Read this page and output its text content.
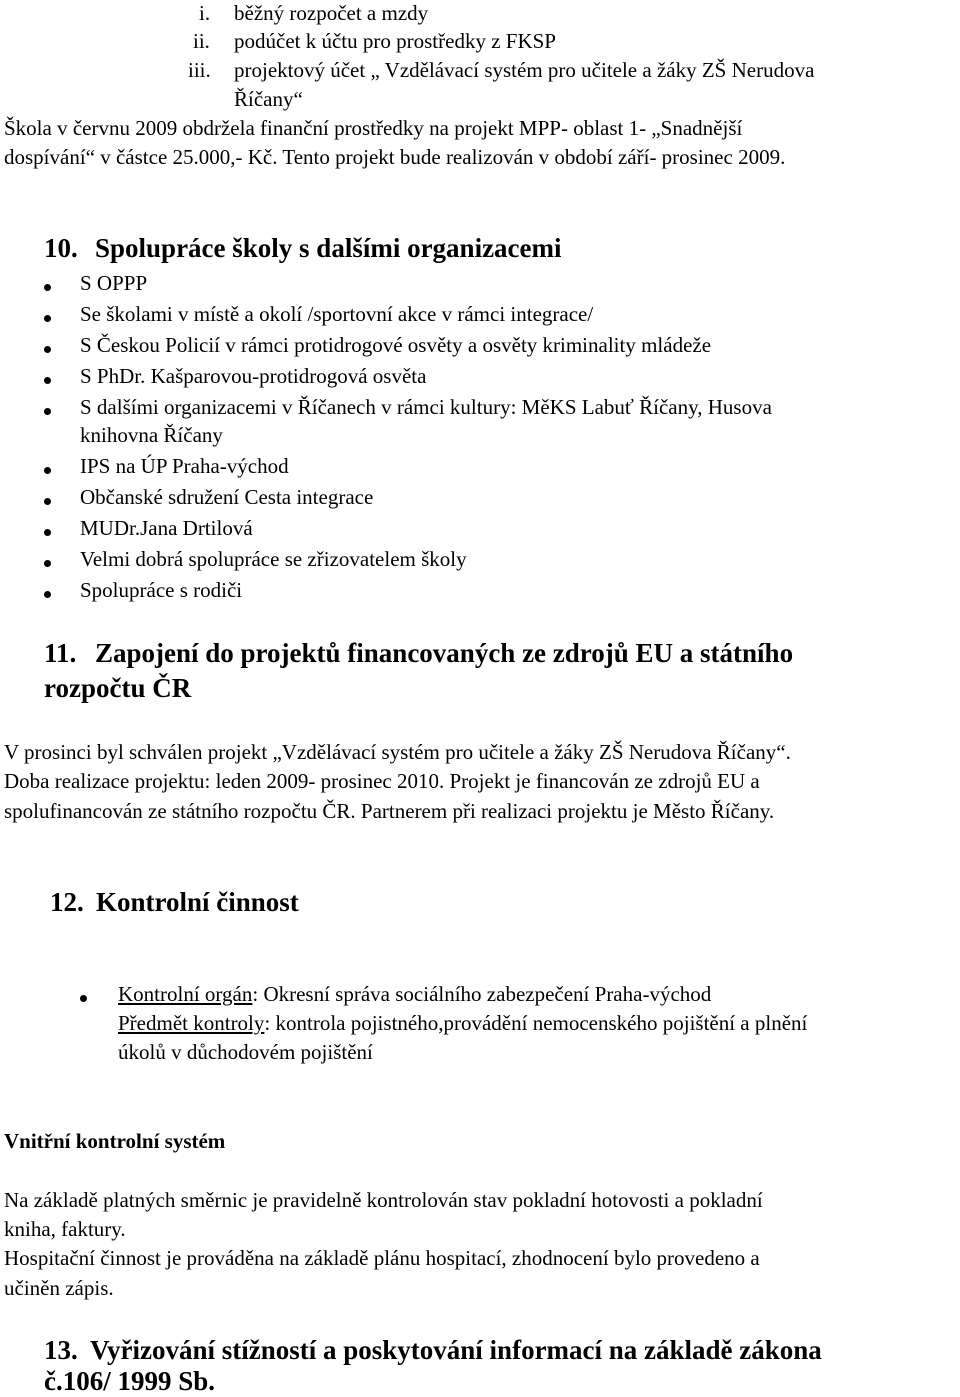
i. běžný rozpočet a mzdy
ii. podúčet k účtu pro prostředky z FKSP
iii. projektový účet „ Vzdělávací systém pro učitele a žáky ZŠ Nerudova
Říčany“
Škola v červnu 2009 obdržela finanční prostředky na projekt MPP- oblast 1- „Snadnější
dospívání“ v částce 25.000,- Kč. Tento projekt bude realizován v období září- prosinec 2009.
10. Spolupráce školy s dalšími organizacemi
S OPPP
Se školami v místě a okolí /sportovní akce v rámci integrace/
S Českou Policií v rámci protidrogové osvěty a osvěty kriminality mládeže
S PhDr. Kašparovou-protidrogová osvěta
S dalšími organizacemi v Říčanech v rámci kultury: MěKS Labuť Říčany, Husova
knihovna Říčany
IPS na ÚP Praha-východ
Občanské sdružení Cesta integrace
MUDr.Jana Drtilová
Velmi dobrá spolupráce se zřizovatelem školy
Spolupráce s rodiči
11. Zapojení do projektů financovaných ze zdrojů EU a státního
rozpočtu ČR
V prosinci byl schválen projekt „Vzdělávací systém pro učitele a žáky ZŠ Nerudova Říčany“.
Doba realizace projektu: leden 2009- prosinec 2010. Projekt je financován ze zdrojů EU a
spolufinancován ze státního rozpočtu ČR. Partnerem při realizaci projektu je Město Říčany.
12. Kontrolní činnost
Kontrolní orgán: Okresní správa sociálního zabezpečení Praha-východ
Předmět kontroly: kontrola pojistného,provádění nemocenského pojištění a plnění
úkolů v důchodovém pojištění
Vnitřní kontrolní systém
Na základě platných směrnic je pravidelně kontrolován stav pokladní hotovosti a pokladní
kniha, faktury.
Hospitační činnost je prováděna na základě plánu hospitací, zhodnocení bylo provedeno a
učiněn zápis.
13. Vyřizování stížností a poskytování informací na základě zákona
č.106/ 1999 Sb.
